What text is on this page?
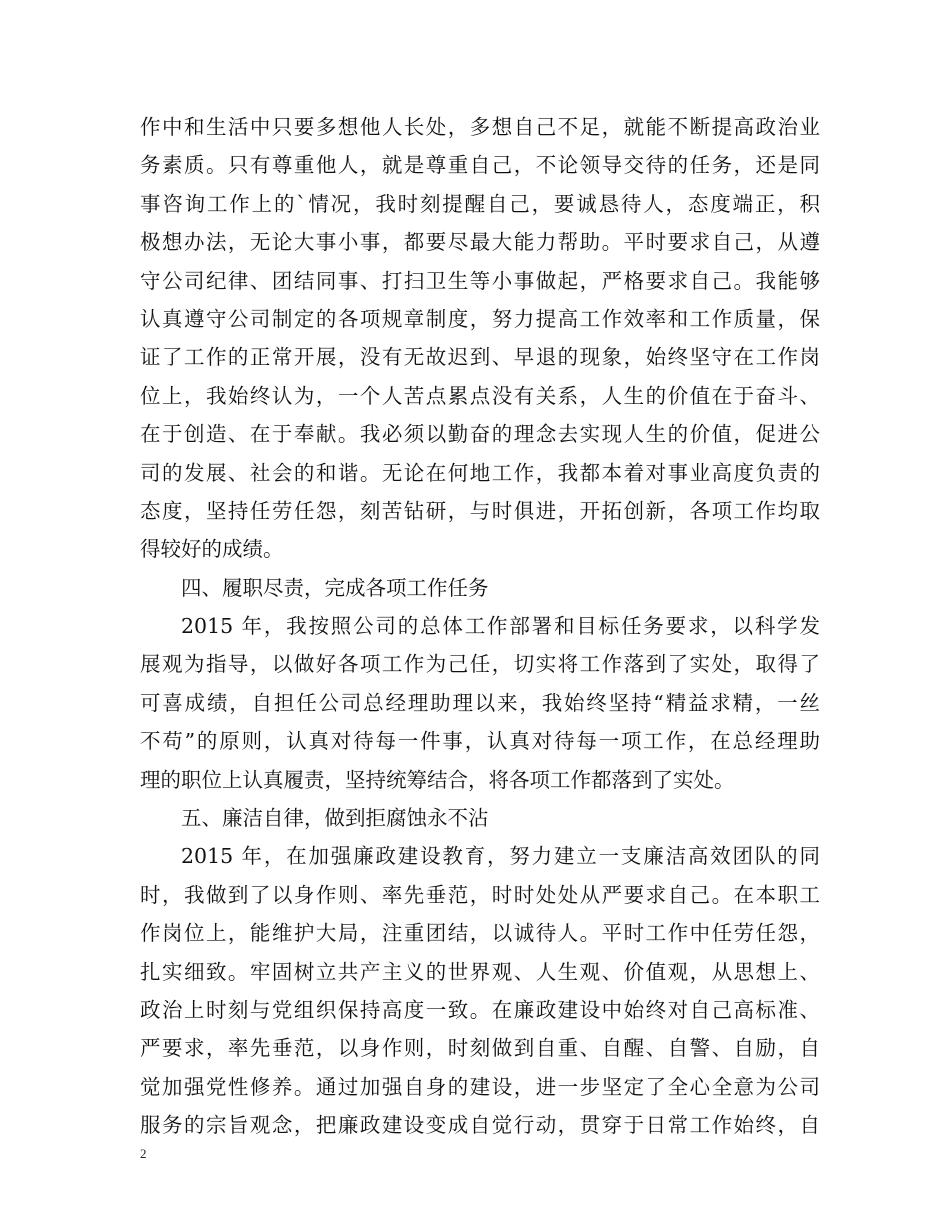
作中和生活中只要多想他人长处，多想自己不足，就能不断提高政治业
务素质。只有尊重他人，就是尊重自己，不论领导交待的任务，还是同
事咨询工作上的`情况，我时刻提醒自己，要诚恳待人，态度端正，积
极想办法，无论大事小事，都要尽最大能力帮助。平时要求自己，从遵
守公司纪律、团结同事、打扫卫生等小事做起，严格要求自己。我能够
认真遵守公司制定的各项规章制度，努力提高工作效率和工作质量，保
证了工作的正常开展，没有无故迟到、早退的现象，始终坚守在工作岗
位上，我始终认为，一个人苦点累点没有关系，人生的价值在于奋斗、
在于创造、在于奉献。我必须以勤奋的理念去实现人生的价值，促进公
司的发展、社会的和谐。无论在何地工作，我都本着对事业高度负责的
态度，坚持任劳任怨，刻苦钻研，与时俱进，开拓创新，各项工作均取
得较好的成绩。
四、履职尽责，完成各项工作任务
2015 年，我按照公司的总体工作部署和目标任务要求，以科学发
展观为指导，以做好各项工作为己任，切实将工作落到了实处，取得了
可喜成绩，自担任公司总经理助理以来，我始终坚持“精益求精，一丝
不苟”的原则，认真对待每一件事，认真对待每一项工作，在总经理助
理的职位上认真履责，坚持统筹结合，将各项工作都落到了实处。
五、廉洁自律，做到拒腐蚀永不沾
2015 年，在加强廉政建设教育，努力建立一支廉洁高效团队的同
时，我做到了以身作则、率先垂范，时时处处从严要求自己。在本职工
作岗位上，能维护大局，注重团结，以诚待人。平时工作中任劳任怨，
扎实细致。牢固树立共产主义的世界观、人生观、价值观，从思想上、
政治上时刻与党组织保持高度一致。在廉政建设中始终对自己高标准、
严要求，率先垂范，以身作则，时刻做到自重、自醒、自警、自励，自
觉加强党性修养。通过加强自身的建设，进一步坚定了全心全意为公司
服务的宗旨观念，把廉政建设变成自觉行动，贯穿于日常工作始终，自
2
